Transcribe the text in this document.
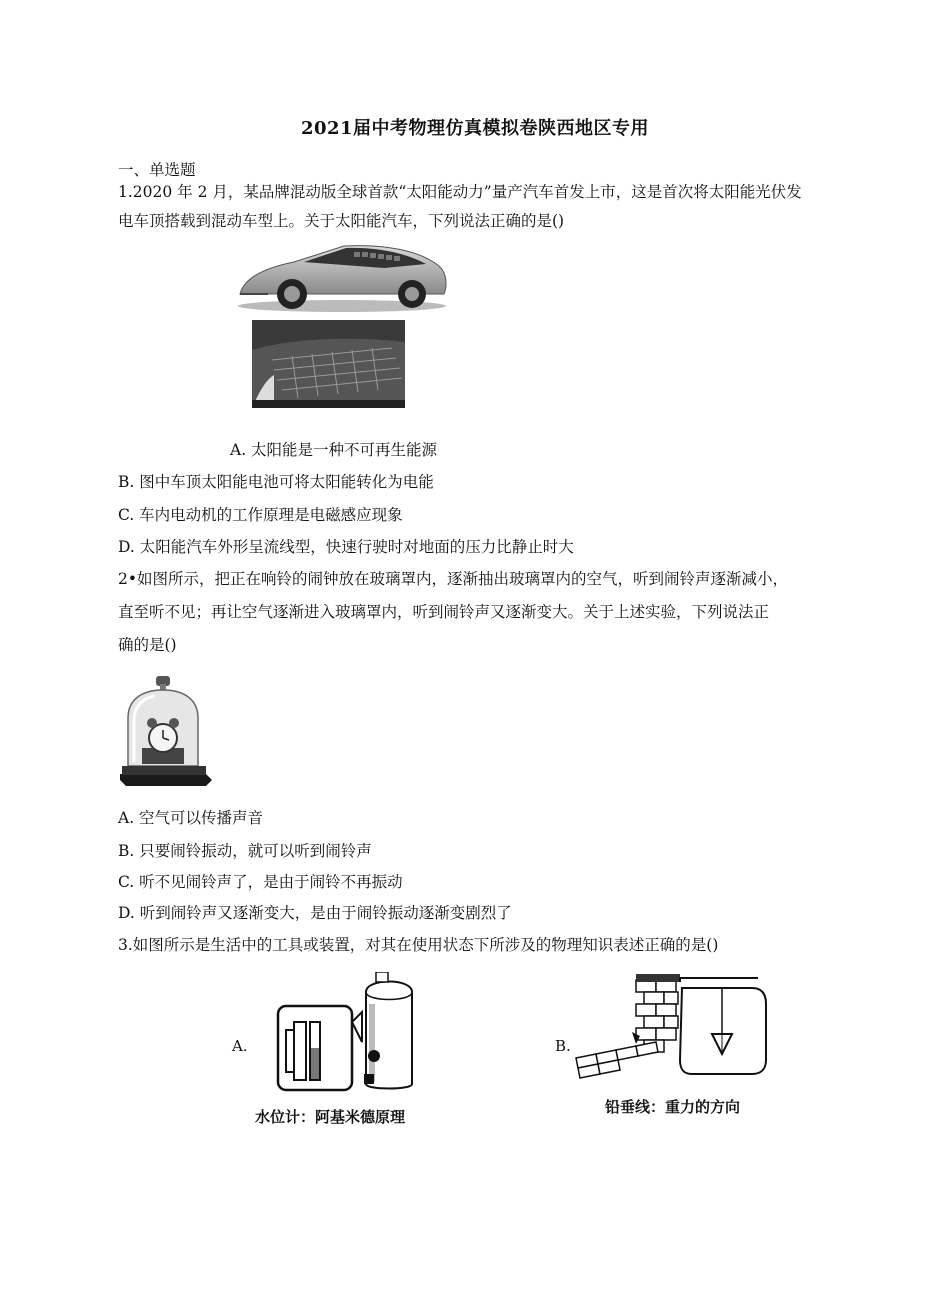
2021届中考物理仿真模拟卷陕西地区专用
一、单选题
1.2020 年 2 月，某品牌混动版全球首款“太阳能动力”量产汽车首发上市，这是首次将太阳能光伏发
电车顶搭载到混动车型上。关于太阳能汽车，下列说法正确的是()
A. 太阳能是一种不可再生能源
B. 图中车顶太阳能电池可将太阳能转化为电能
C. 车内电动机的工作原理是电磁感应现象
D. 太阳能汽车外形呈流线型，快速行驶时对地面的压力比静止时大
2•如图所示，把正在响铃的闹钟放在玻璃罩内，逐渐抽出玻璃罩内的空气，听到闹铃声逐渐减小，
直至听不见；再让空气逐渐进入玻璃罩内，听到闹铃声又逐渐变大。关于上述实验，下列说法正
确的是()
A. 空气可以传播声音
B. 只要闹铃振动，就可以听到闹铃声
C. 听不见闹铃声了，是由于闹铃不再振动
D. 听到闹铃声又逐渐变大，是由于闹铃振动逐渐变剧烈了
3.如图所示是生活中的工具或装置，对其在使用状态下所涉及的物理知识表述正确的是()
A.
水位计：阿基米德原理
B.
铅垂线：重力的方向
